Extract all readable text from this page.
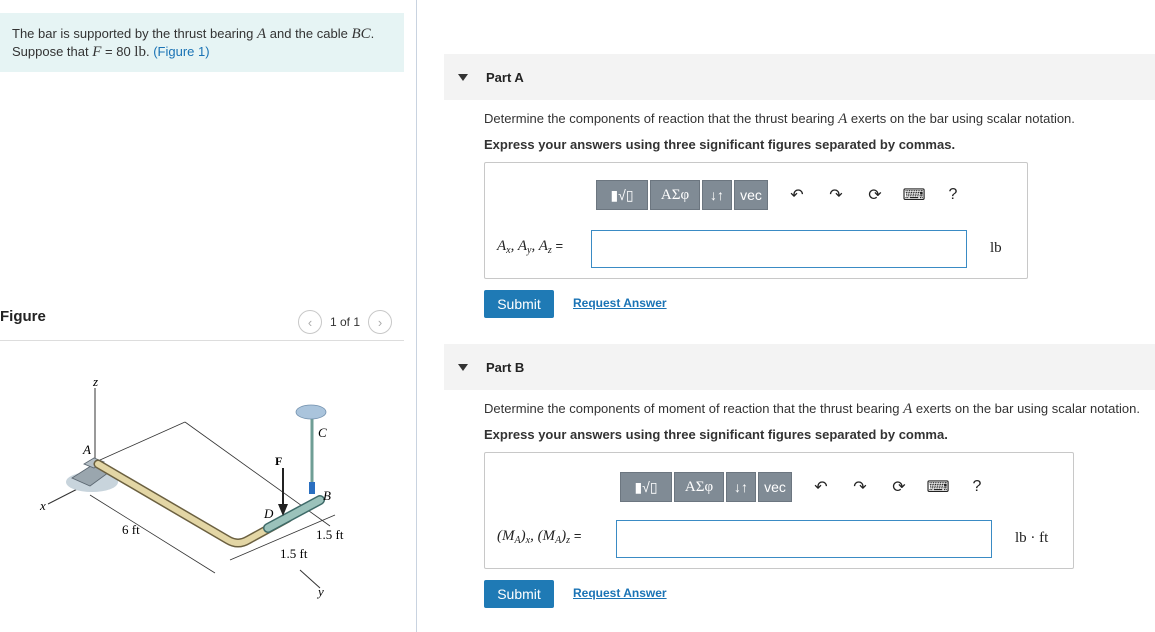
The bar is supported by the thrust bearing A and the cable BC.
Suppose that F = 80 lb. (Figure 1)
Figure	‹ 1 of 1 ›
z
x
y
A
B
C
D
F
6 ft	1.5 ft
1.5 ft
Part A
Determine the components of reaction that the thrust bearing A exerts on the bar using scalar notation.
Express your answers using three significant figures separated by commas.
▮√▯ ΑΣφ ↓↑ vec	↶	↷	⟳	⌨ ?
$A_x$, $A_y$, $A_z$ =	lb
Submit	Request Answer
Part B
Determine the components of moment of reaction that the thrust bearing A exerts on the bar using scalar notation.
Express your answers using three significant figures separated by comma.
▮√▯ ΑΣφ ↓↑ vec	↶	↷	⟳	⌨ ?
$(M_A)_x$, $(M_A)_z$ =	lb · ft
Submit	Request Answer
